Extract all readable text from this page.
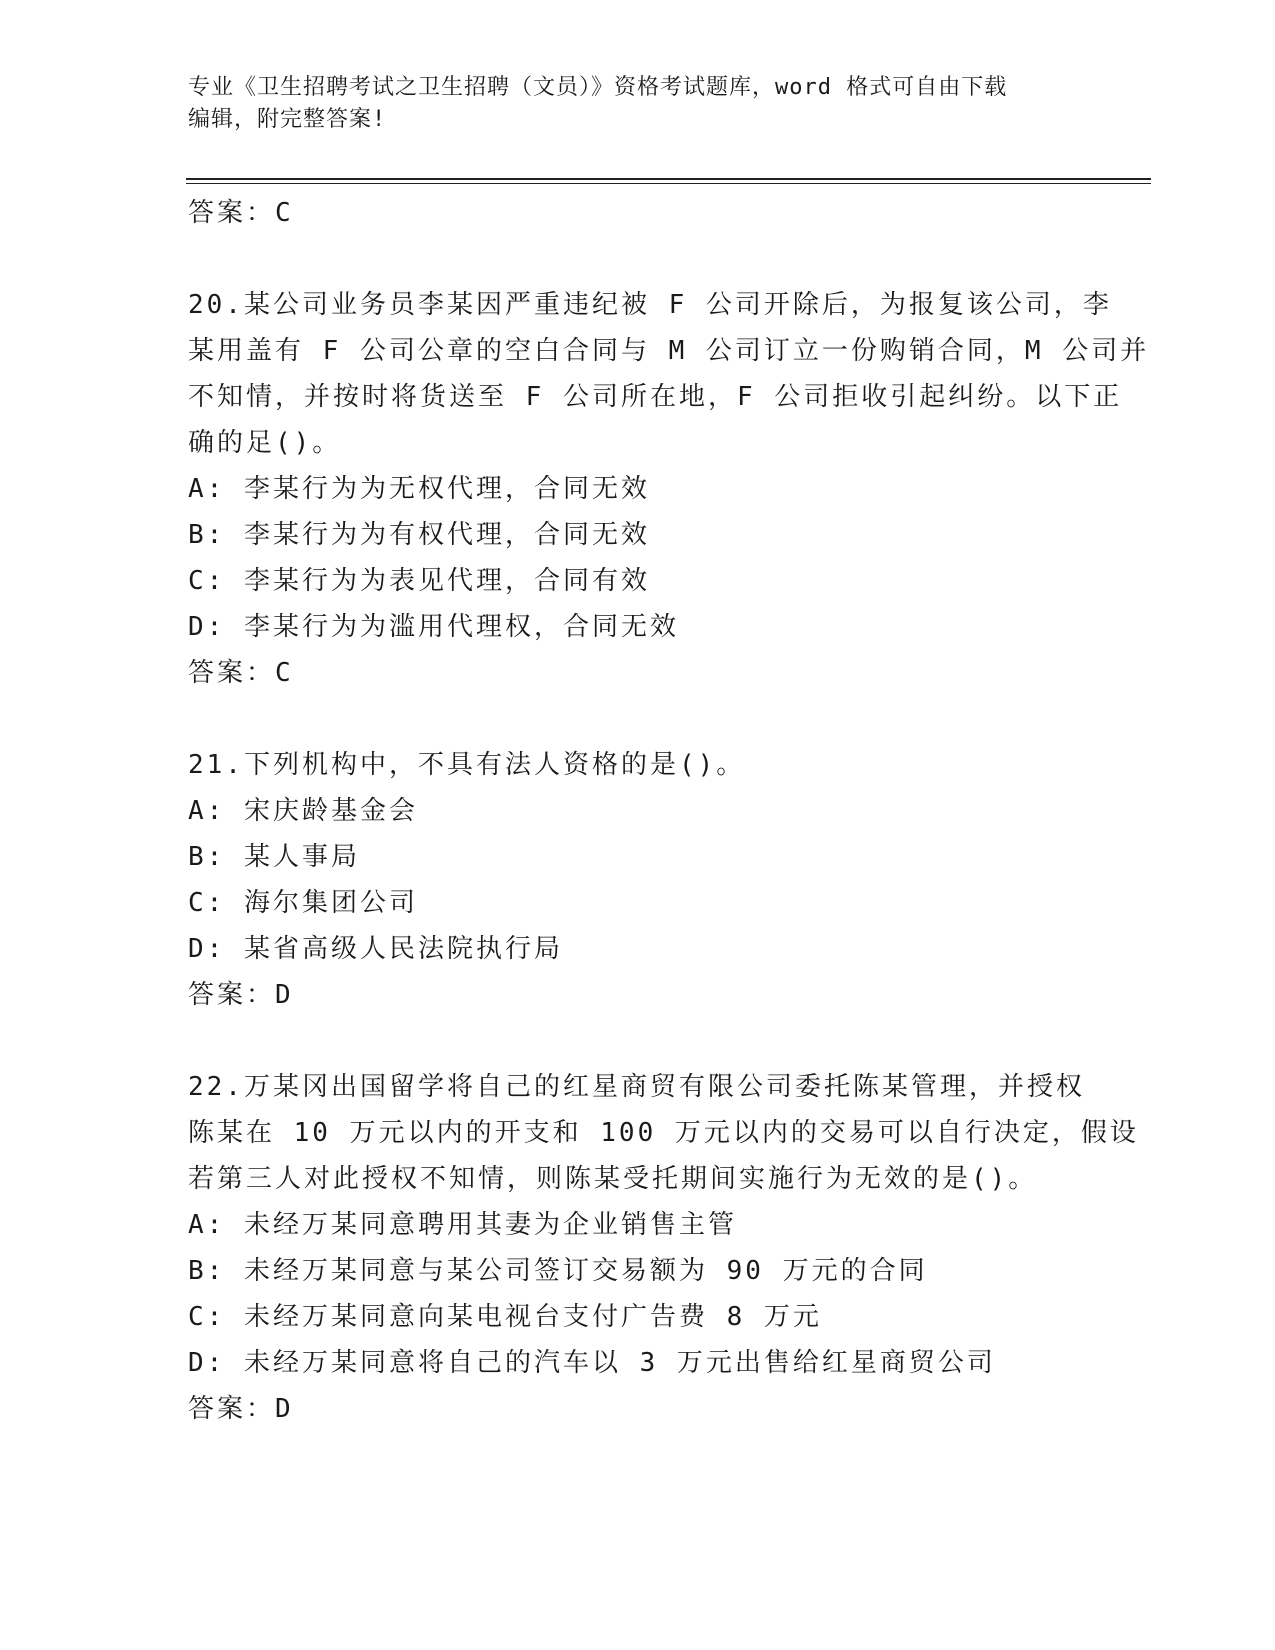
专业《卫生招聘考试之卫生招聘（文员）》资格考试题库，word 格式可自由下载
编辑，附完整答案!
答案：C
20.某公司业务员李某因严重违纪被 F 公司开除后，为报复该公司，李
某用盖有 F 公司公章的空白合同与 M 公司订立一份购销合同，M 公司并
不知情，并按时将货送至 F 公司所在地，F 公司拒收引起纠纷。以下正
确的足()。
A: 李某行为为无权代理，合同无效
B: 李某行为为有权代理，合同无效
C: 李某行为为表见代理，合同有效
D: 李某行为为滥用代理权，合同无效
答案：C
21.下列机构中，不具有法人资格的是()。
A: 宋庆龄基金会
B: 某人事局
C: 海尔集团公司
D: 某省高级人民法院执行局
答案：D
22.万某冈出国留学将自己的红星商贸有限公司委托陈某管理，并授权
陈某在 10 万元以内的开支和 100 万元以内的交易可以自行决定，假设
若第三人对此授权不知情，则陈某受托期间实施行为无效的是()。
A: 未经万某同意聘用其妻为企业销售主管
B: 未经万某同意与某公司签订交易额为 90 万元的合同
C: 未经万某同意向某电视台支付广告费 8 万元
D: 未经万某同意将自己的汽车以 3 万元出售给红星商贸公司
答案：D
